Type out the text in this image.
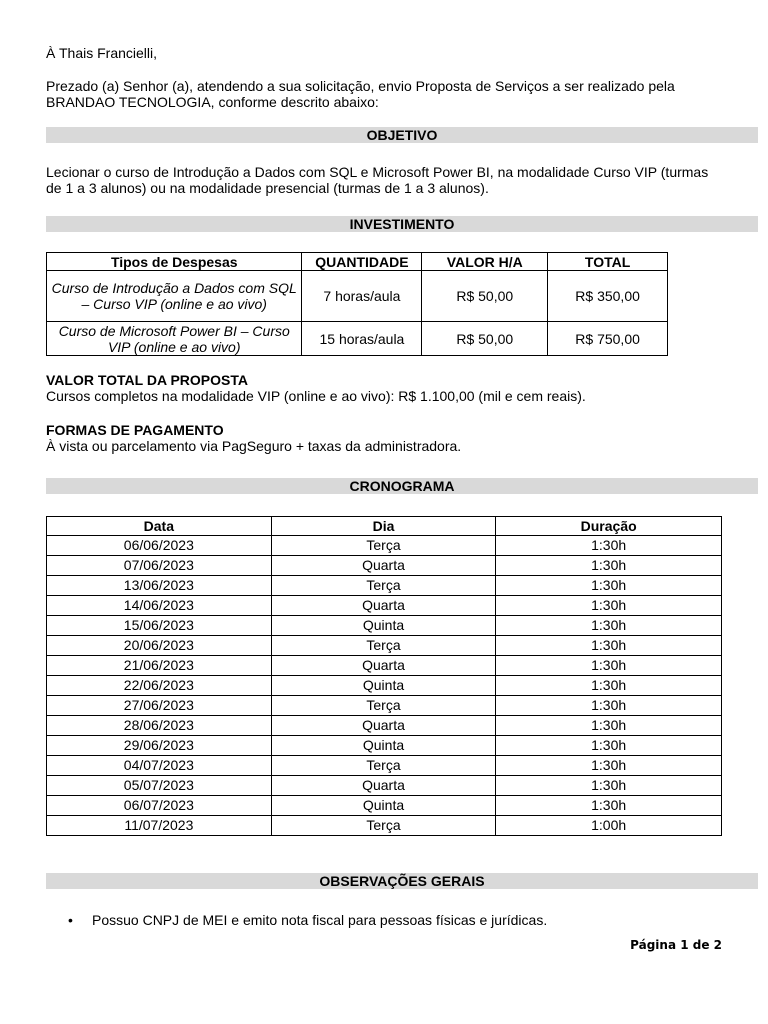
À Thais Francielli,
Prezado (a) Senhor (a), atendendo a sua solicitação, envio Proposta de Serviços a ser realizado pela BRANDAO TECNOLOGIA, conforme descrito abaixo:
OBJETIVO
Lecionar o curso de Introdução a Dados com SQL e Microsoft Power BI, na modalidade Curso VIP (turmas de 1 a 3 alunos) ou na modalidade presencial (turmas de 1 a 3 alunos).
INVESTIMENTO
Tipos de Despesas	QUANTIDADE	VALOR H/A	TOTAL
Curso de Introdução a Dados com SQL – Curso VIP (online e ao vivo)	7 horas/aula	R$ 50,00	R$ 350,00
Curso de Microsoft Power BI – Curso VIP (online e ao vivo)	15 horas/aula	R$ 50,00	R$ 750,00
VALOR TOTAL DA PROPOSTA
Cursos completos na modalidade VIP (online e ao vivo): R$ 1.100,00 (mil e cem reais).
FORMAS DE PAGAMENTO
À vista ou parcelamento via PagSeguro + taxas da administradora.
CRONOGRAMA
Data	Dia	Duração
06/06/2023	Terça	1:30h
07/06/2023	Quarta	1:30h
13/06/2023	Terça	1:30h
14/06/2023	Quarta	1:30h
15/06/2023	Quinta	1:30h
20/06/2023	Terça	1:30h
21/06/2023	Quarta	1:30h
22/06/2023	Quinta	1:30h
27/06/2023	Terça	1:30h
28/06/2023	Quarta	1:30h
29/06/2023	Quinta	1:30h
04/07/2023	Terça	1:30h
05/07/2023	Quarta	1:30h
06/07/2023	Quinta	1:30h
11/07/2023	Terça	1:00h
OBSERVAÇÕES GERAIS
• Possuo CNPJ de MEI e emito nota fiscal para pessoas físicas e jurídicas.
Página 1 de 2
